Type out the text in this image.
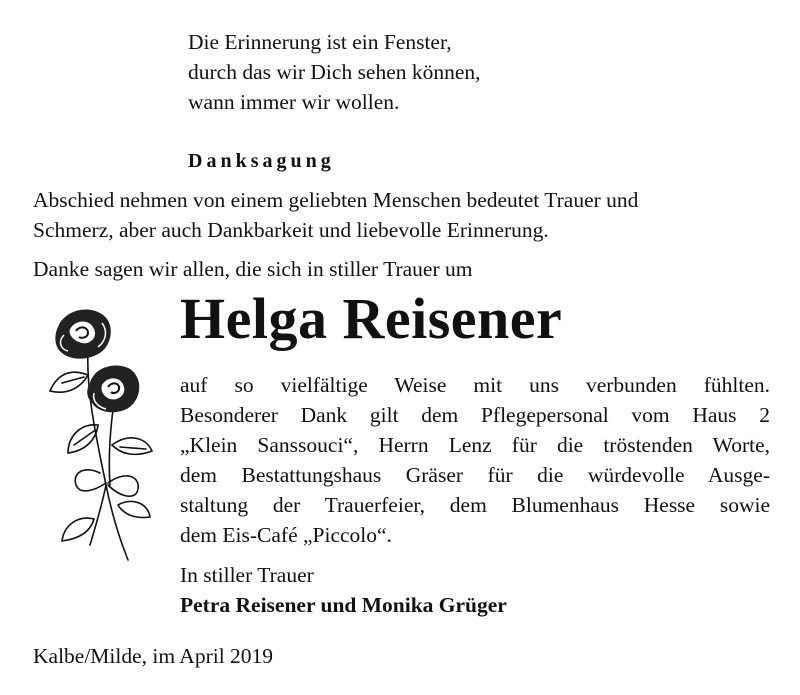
Die Erinnerung ist ein Fenster,
durch das wir Dich sehen können,
wann immer wir wollen.
Danksagung
Abschied nehmen von einem geliebten Menschen bedeutet Trauer und
Schmerz, aber auch Dankbarkeit und liebevolle Erinnerung.
Danke sagen wir allen, die sich in stiller Trauer um
Helga Reisener
auf so vielfältige Weise mit uns verbunden fühlten.
Besonderer Dank gilt dem Pflegepersonal vom Haus 2
„Klein Sanssouci“, Herrn Lenz für die tröstenden Worte,
dem Bestattungshaus Gräser für die würdevolle Ausge-
staltung der Trauerfeier, dem Blumenhaus Hesse sowie
dem Eis-Café „Piccolo“.
In stiller Trauer
Petra Reisener und Monika Grüger
Kalbe/Milde, im April 2019
